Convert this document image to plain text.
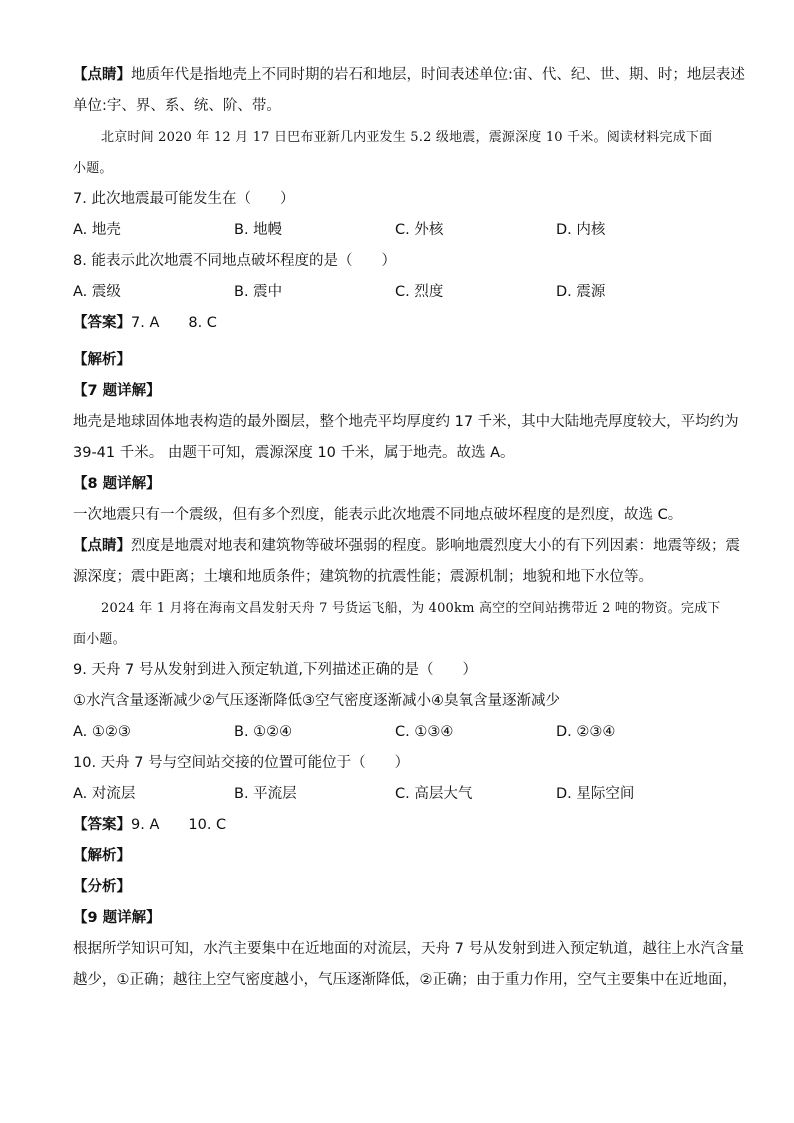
【点睛】地质年代是指地壳上不同时期的岩石和地层，时间表述单位:宙、代、纪、世、期、时；地层表述
单位:宇、界、系、统、阶、带。
北京时间 2020 年 12 月 17 日巴布亚新几内亚发生 5.2 级地震，震源深度 10 千米。阅读材料完成下面
小题。
7. 此次地震最可能发生在（　　）
A. 地壳	B. 地幔	C. 外核	D. 内核
8. 能表示此次地震不同地点破坏程度的是（　　）
A. 震级	B. 震中	C. 烈度	D. 震源
【答案】7. A　　8. C
【解析】
【7 题详解】
地壳是地球固体地表构造的最外圈层，整个地壳平均厚度约 17 千米，其中大陆地壳厚度较大，平均约为
39-41 千米。 由题干可知，震源深度 10 千米，属于地壳。故选 A。
【8 题详解】
一次地震只有一个震级，但有多个烈度，能表示此次地震不同地点破坏程度的是烈度，故选 C。
【点睛】烈度是地震对地表和建筑物等破坏强弱的程度。影响地震烈度大小的有下列因素：地震等级；震
源深度；震中距离；土壤和地质条件；建筑物的抗震性能；震源机制；地貌和地下水位等。
2024 年 1 月将在海南文昌发射天舟 7 号货运飞船，为 400km 高空的空间站携带近 2 吨的物资。完成下
面小题。
9. 天舟 7 号从发射到进入预定轨道,下列描述正确的是（　　）
①水汽含量逐渐减少②气压逐渐降低③空气密度逐渐减小④臭氧含量逐渐减少
A. ①②③	B. ①②④	C. ①③④	D. ②③④
10. 天舟 7 号与空间站交接的位置可能位于（　　）
A. 对流层	B. 平流层	C. 高层大气	D. 星际空间
【答案】9. A　　10. C
【解析】
【分析】
【9 题详解】
根据所学知识可知，水汽主要集中在近地面的对流层，天舟 7 号从发射到进入预定轨道，越往上水汽含量
越少，①正确；越往上空气密度越小，气压逐渐降低，②正确；由于重力作用，空气主要集中在近地面，
